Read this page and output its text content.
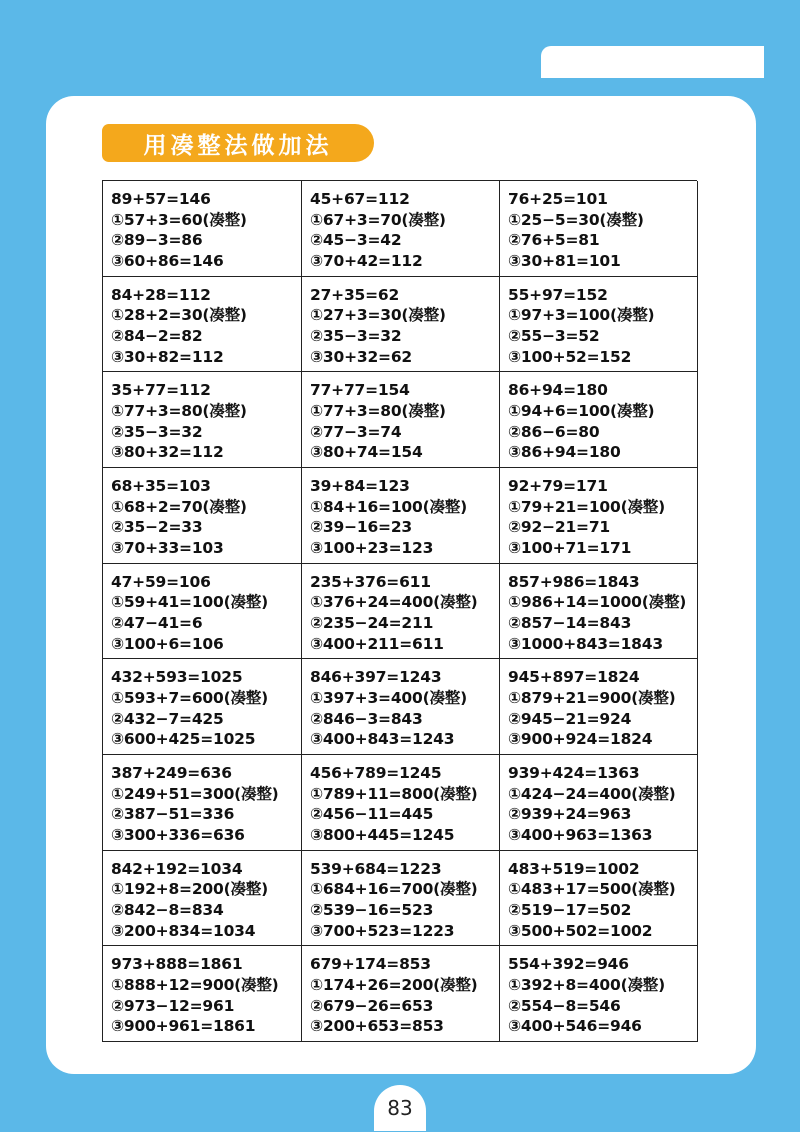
用凑整法做加法
89+57=146
①57+3=60(凑整)
②89−3=86
③60+86=146
45+67=112
①67+3=70(凑整)
②45−3=42
③70+42=112
76+25=101
①25−5=30(凑整)
②76+5=81
③30+81=101
84+28=112
①28+2=30(凑整)
②84−2=82
③30+82=112
27+35=62
①27+3=30(凑整)
②35−3=32
③30+32=62
55+97=152
①97+3=100(凑整)
②55−3=52
③100+52=152
35+77=112
①77+3=80(凑整)
②35−3=32
③80+32=112
77+77=154
①77+3=80(凑整)
②77−3=74
③80+74=154
86+94=180
①94+6=100(凑整)
②86−6=80
③86+94=180
68+35=103
①68+2=70(凑整)
②35−2=33
③70+33=103
39+84=123
①84+16=100(凑整)
②39−16=23
③100+23=123
92+79=171
①79+21=100(凑整)
②92−21=71
③100+71=171
47+59=106
①59+41=100(凑整)
②47−41=6
③100+6=106
235+376=611
①376+24=400(凑整)
②235−24=211
③400+211=611
857+986=1843
①986+14=1000(凑整)
②857−14=843
③1000+843=1843
432+593=1025
①593+7=600(凑整)
②432−7=425
③600+425=1025
846+397=1243
①397+3=400(凑整)
②846−3=843
③400+843=1243
945+897=1824
①879+21=900(凑整)
②945−21=924
③900+924=1824
387+249=636
①249+51=300(凑整)
②387−51=336
③300+336=636
456+789=1245
①789+11=800(凑整)
②456−11=445
③800+445=1245
939+424=1363
①424−24=400(凑整)
②939+24=963
③400+963=1363
842+192=1034
①192+8=200(凑整)
②842−8=834
③200+834=1034
539+684=1223
①684+16=700(凑整)
②539−16=523
③700+523=1223
483+519=1002
①483+17=500(凑整)
②519−17=502
③500+502=1002
973+888=1861
①888+12=900(凑整)
②973−12=961
③900+961=1861
679+174=853
①174+26=200(凑整)
②679−26=653
③200+653=853
554+392=946
①392+8=400(凑整)
②554−8=546
③400+546=946
83
